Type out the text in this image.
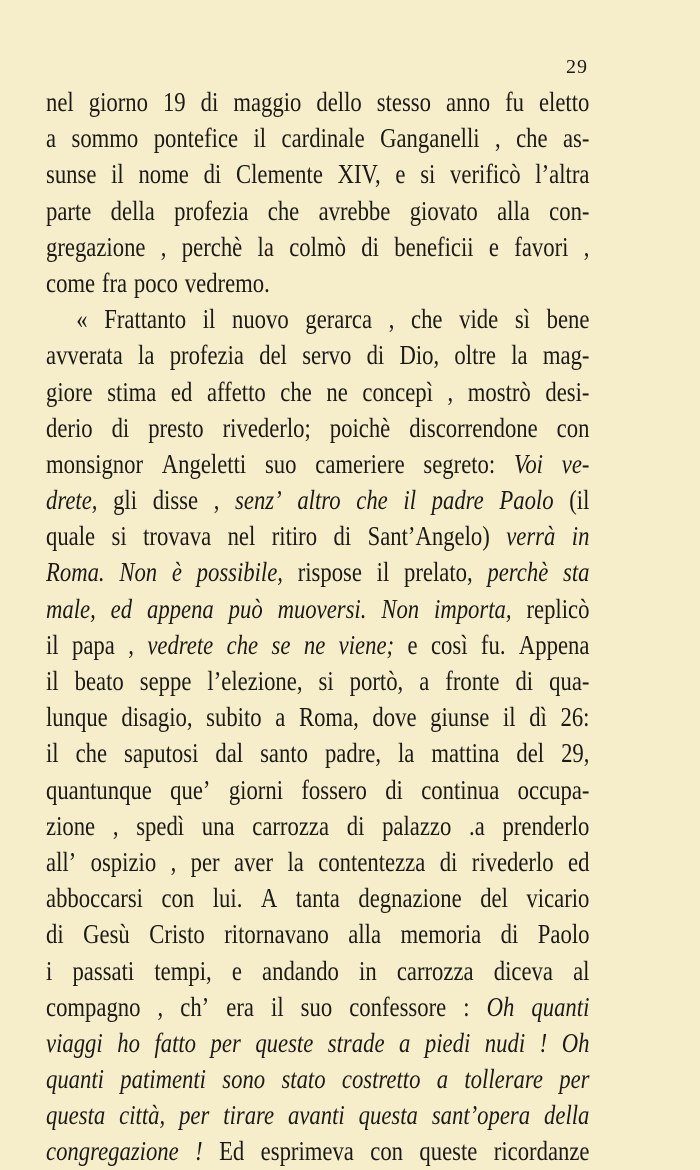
29
nel giorno 19 di maggio dello stesso anno fu eletto
a sommo pontefice il cardinale Ganganelli , che as-
sunse il nome di Clemente XIV, e si verificò l’altra
parte della profezia che avrebbe giovato alla con-
gregazione , perchè la colmò di beneficii e favori ,
come fra poco vedremo.
« Frattanto il nuovo gerarca , che vide sì bene
avverata la profezia del servo di Dio, oltre la mag-
giore stima ed affetto che ne concepì , mostrò desi-
derio di presto rivederlo; poichè discorrendone con
monsignor Angeletti suo cameriere segreto: Voi ve-
drete, gli disse , senz’ altro che il padre Paolo (il
quale si trovava nel ritiro di Sant’Angelo) verrà in
Roma. Non è possibile, rispose il prelato, perchè sta
male, ed appena può muoversi. Non importa, replicò
il papa , vedrete che se ne viene; e così fu. Appena
il beato seppe l’elezione, si portò, a fronte di qua-
lunque disagio, subito a Roma, dove giunse il dì 26:
il che saputosi dal santo padre, la mattina del 29,
quantunque que’ giorni fossero di continua occupa-
zione , spedì una carrozza di palazzo .a prenderlo
all’ ospizio , per aver la contentezza di rivederlo ed
abboccarsi con lui. A tanta degnazione del vicario
di Gesù Cristo ritornavano alla memoria di Paolo
i passati tempi, e andando in carrozza diceva al
compagno , ch’ era il suo confessore : Oh quanti
viaggi ho fatto per queste strade a piedi nudi ! Oh
quanti patimenti sono stato costretto a tollerare per
questa città, per tirare avanti questa sant’opera della
congregazione ! Ed esprimeva con queste ricordanze
